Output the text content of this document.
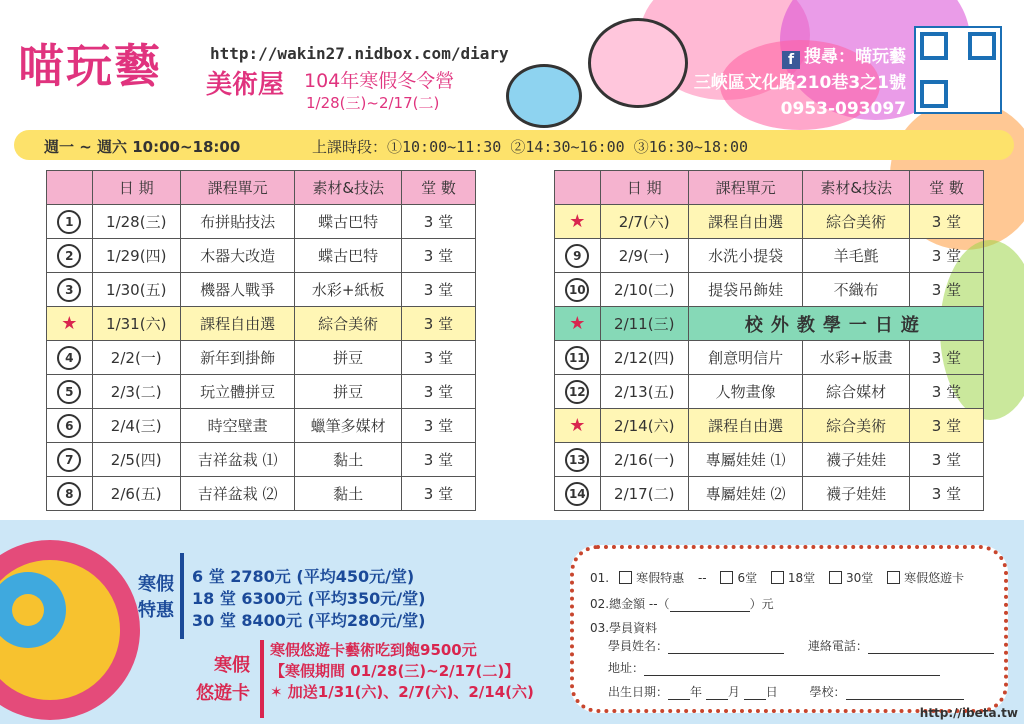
喵玩藝	http://wakin27.nidbox.com/diary
美術屋 104年寒假冬令營
1/28(三)~2/17(二)
f 搜尋：喵玩藝
三峽區文化路210巷3之1號
0953-093097
週一 ~ 週六 10:00~18:00	上課時段：①10:00~11:30 ②14:30~16:00 ③16:30~18:00
	日 期	課程單元	素材&技法	堂 數
1	1/28(三)	布拼貼技法	蝶古巴特	3 堂
2	1/29(四)	木器大改造	蝶古巴特	3 堂
3	1/30(五)	機器人戰爭	水彩+紙板	3 堂
★	1/31(六)	課程自由選	綜合美術	3 堂
4	2/2(一)	新年到掛飾	拼豆	3 堂
5	2/3(二)	玩立體拼豆	拼豆	3 堂
6	2/4(三)	時空壁畫	蠟筆多媒材	3 堂
7	2/5(四)	吉祥盆栽 ⑴	黏土	3 堂
8	2/6(五)	吉祥盆栽 ⑵	黏土	3 堂
	日 期	課程單元	素材&技法	堂 數
★	2/7(六)	課程自由選	綜合美術	3 堂
9	2/9(一)	水洗小提袋	羊毛氈	3 堂
10	2/10(二)	提袋吊飾娃	不織布	3 堂
★	2/11(三)	校外教學一日遊		
11	2/12(四)	創意明信片	水彩+版畫	3 堂
12	2/13(五)	人物畫像	綜合媒材	3 堂
★	2/14(六)	課程自由選	綜合美術	3 堂
13	2/16(一)	專屬娃娃 ⑴	襪子娃娃	3 堂
14	2/17(二)	專屬娃娃 ⑵	襪子娃娃	3 堂
寒假
特惠
6 堂 2780元 (平均450元/堂)
18 堂 6300元 (平均350元/堂)
30 堂 8400元 (平均280元/堂)
寒假
悠遊卡
寒假悠遊卡藝術吃到飽9500元
【寒假期間 01/28(三)~2/17(二)】
✶ 加送1/31(六)、2/7(六)、2/14(六)
01. 寒假特惠 --	6堂	18堂	30堂	寒假悠遊卡
02.總金額 --（	）元
03.學員資料
學員姓名：	連絡電話：
地址：
出生日期： 年 月 日	學校：
http://ibeta.tw
